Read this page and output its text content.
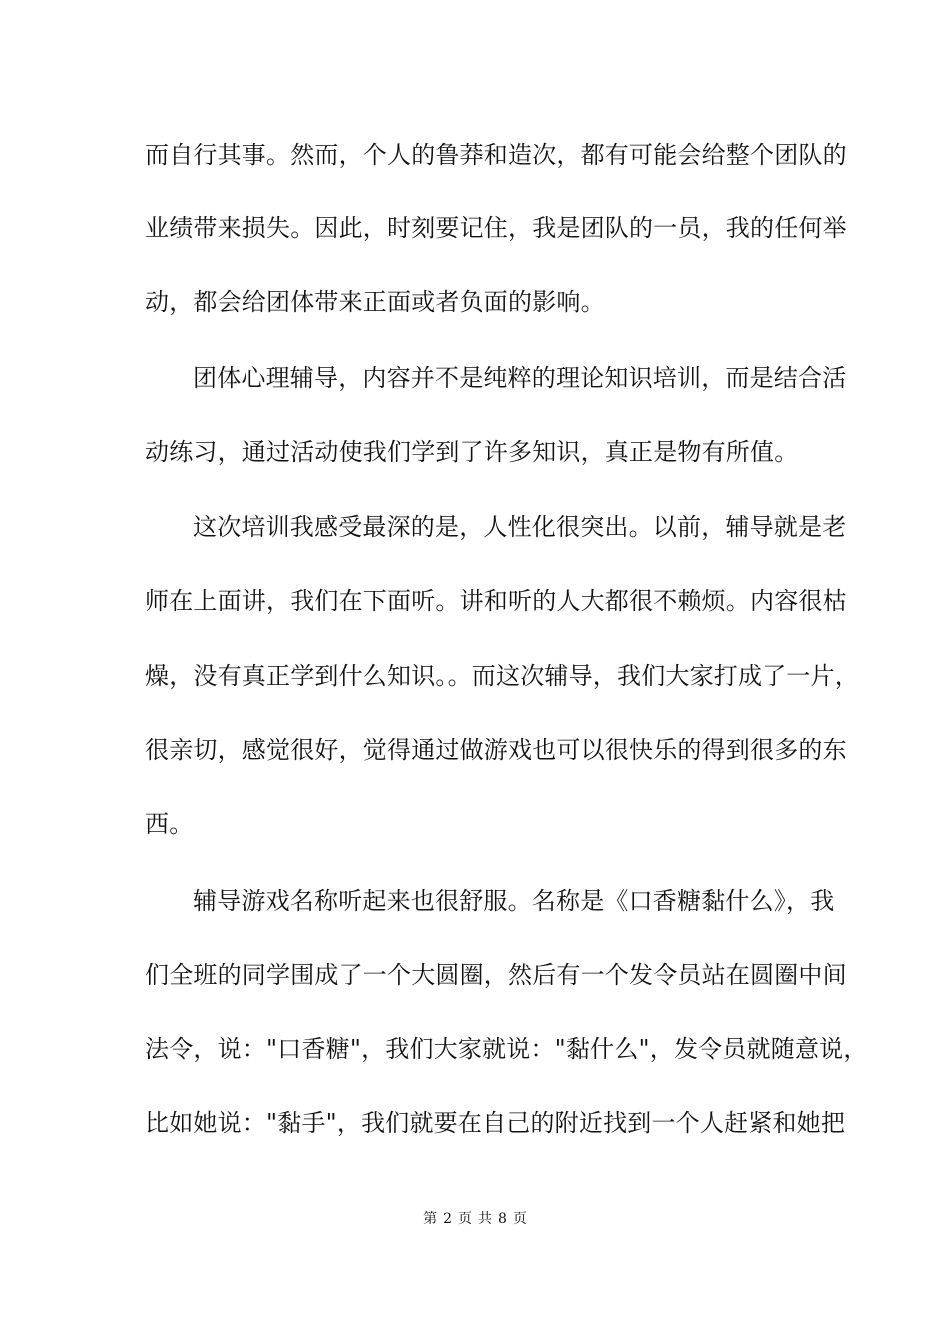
而自行其事。然而，个人的鲁莽和造次，都有可能会给整个团队的
业绩带来损失。因此，时刻要记住，我是团队的一员，我的任何举
动，都会给团体带来正面或者负面的影响。
团体心理辅导，内容并不是纯粹的理论知识培训，而是结合活
动练习，通过活动使我们学到了许多知识，真正是物有所值。
这次培训我感受最深的是，人性化很突出。以前，辅导就是老
师在上面讲，我们在下面听。讲和听的人大都很不赖烦。内容很枯
燥，没有真正学到什么知识。。而这次辅导，我们大家打成了一片，
很亲切，感觉很好，觉得通过做游戏也可以很快乐的得到很多的东
西。
辅导游戏名称听起来也很舒服。名称是《口香糖黏什么》，我
们全班的同学围成了一个大圆圈，然后有一个发令员站在圆圈中间
法令，说："口香糖"，我们大家就说："黏什么"，发令员就随意说，
比如她说："黏手"，我们就要在自己的附近找到一个人赶紧和她把
第 2 页 共 8 页
